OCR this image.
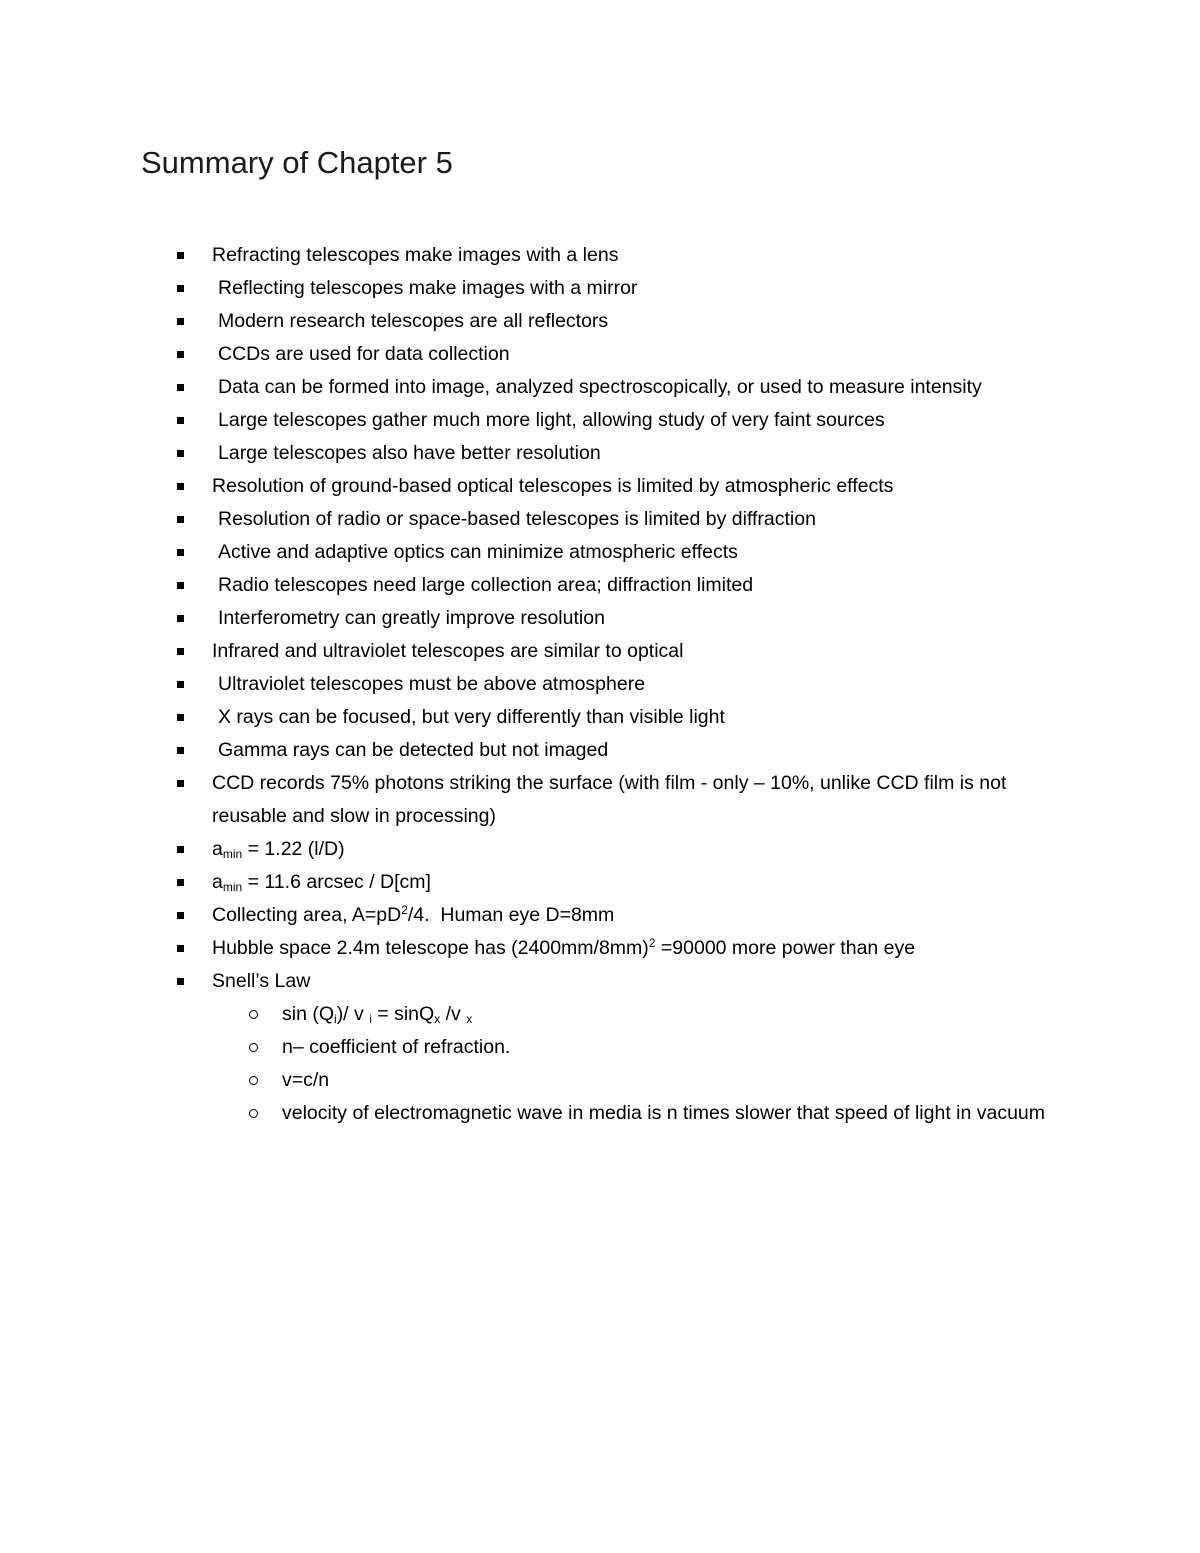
Summary of Chapter 5
Refracting telescopes make images with a lens
Reflecting telescopes make images with a mirror
Modern research telescopes are all reflectors
CCDs are used for data collection
Data can be formed into image, analyzed spectroscopically, or used to measure intensity
Large telescopes gather much more light, allowing study of very faint sources
Large telescopes also have better resolution
Resolution of ground-based optical telescopes is limited by atmospheric effects
Resolution of radio or space-based telescopes is limited by diffraction
Active and adaptive optics can minimize atmospheric effects
Radio telescopes need large collection area; diffraction limited
Interferometry can greatly improve resolution
Infrared and ultraviolet telescopes are similar to optical
Ultraviolet telescopes must be above atmosphere
X rays can be focused, but very differently than visible light
Gamma rays can be detected but not imaged
CCD records 75% photons striking the surface (with film - only – 10%, unlike CCD film is not reusable and slow in processing)
$a_{min} = 1.22$ (l/D)
$a_{min} = 11.6$ arcsec / D[cm]
Collecting area, $A=pD^2/4$.  Human eye D=8mm
Hubble space 2.4m telescope has $(2400mm/8mm)^2 =90000$ more power than eye
Snell’s Law
$\sin (Q_i)/$ v $_i$ = sinQ$_x$ /v $_x$
n– coefficient of refraction.
v=c/n
velocity of electromagnetic wave in media is n times slower that speed of light in vacuum
